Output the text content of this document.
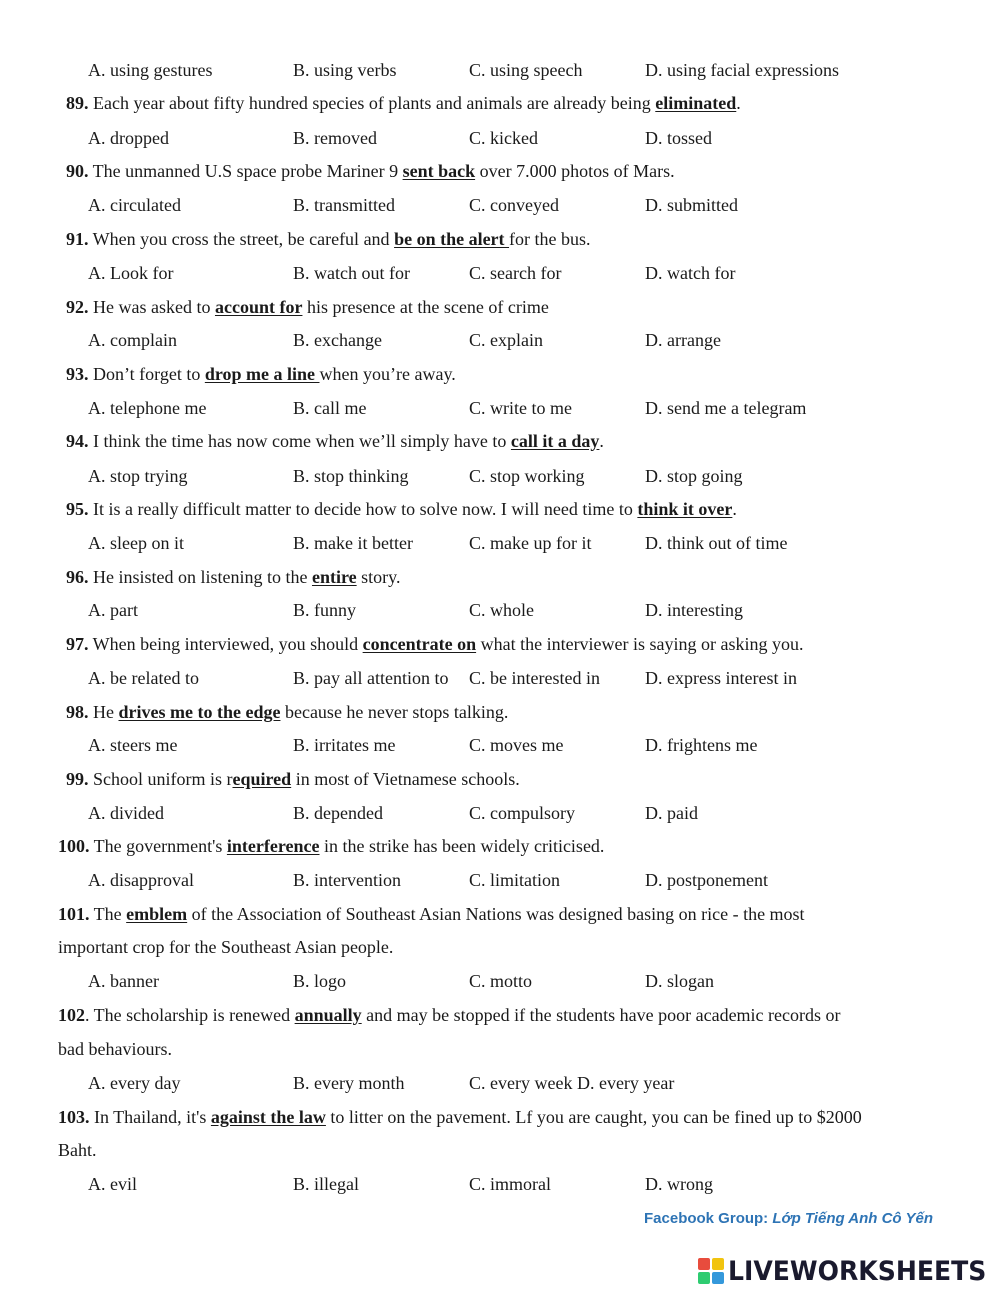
A. using gestures	B. using verbs	C. using speech	D. using facial expressions
89. Each year about fifty hundred species of plants and animals are already being eliminated.
A. dropped	B. removed	C. kicked	D. tossed
90. The unmanned U.S space probe Mariner 9 sent back over 7.000 photos of Mars.
A. circulated	B. transmitted	C. conveyed	D. submitted
91. When you cross the street, be careful and be on the alert for the bus.
A. Look for	B. watch out for	C. search for	D. watch for
92. He was asked to account for his presence at the scene of crime
A. complain	B. exchange	C. explain	D. arrange
93. Don’t forget to drop me a line when you’re away.
A. telephone me	B. call me	C. write to me	D. send me a telegram
94. I think the time has now come when we’ll simply have to call it a day.
A. stop trying	B. stop thinking	C. stop working	D. stop going
95. It is a really difficult matter to decide how to solve now. I will need time to think it over.
A. sleep on it	B. make it better	C. make up for it	D. think out of time
96. He insisted on listening to the entire story.
A. part	B. funny	C. whole	D. interesting
97. When being interviewed, you should concentrate on what the interviewer is saying or asking you.
A. be related to	B. pay all attention to C. be interested in	D. express interest in
98. He drives me to the edge because he never stops talking.
A. steers me	B. irritates me	C. moves me	D. frightens me
99. School uniform is required in most of Vietnamese schools.
A. divided	B. depended	C. compulsory	D. paid
100. The government's interference in the strike has been widely criticised.
A. disapproval	B. intervention	C. limitation	D. postponement
101. The emblem of the Association of Southeast Asian Nations was designed basing on rice - the most
important crop for the Southeast Asian people.
A. banner	B. logo	C. motto	D. slogan
102. The scholarship is renewed annually and may be stopped if the students have poor academic records or
bad behaviours.
A. every day	B. every month	C. every week D. every year
103. In Thailand, it's against the law to litter on the pavement. Lf you are caught, you can be fined up to $2000
Baht.
A. evil	B. illegal	C. immoral	D. wrong
Facebook Group: Lớp Tiếng Anh Cô Yến
LIVEWORKSHEETS
